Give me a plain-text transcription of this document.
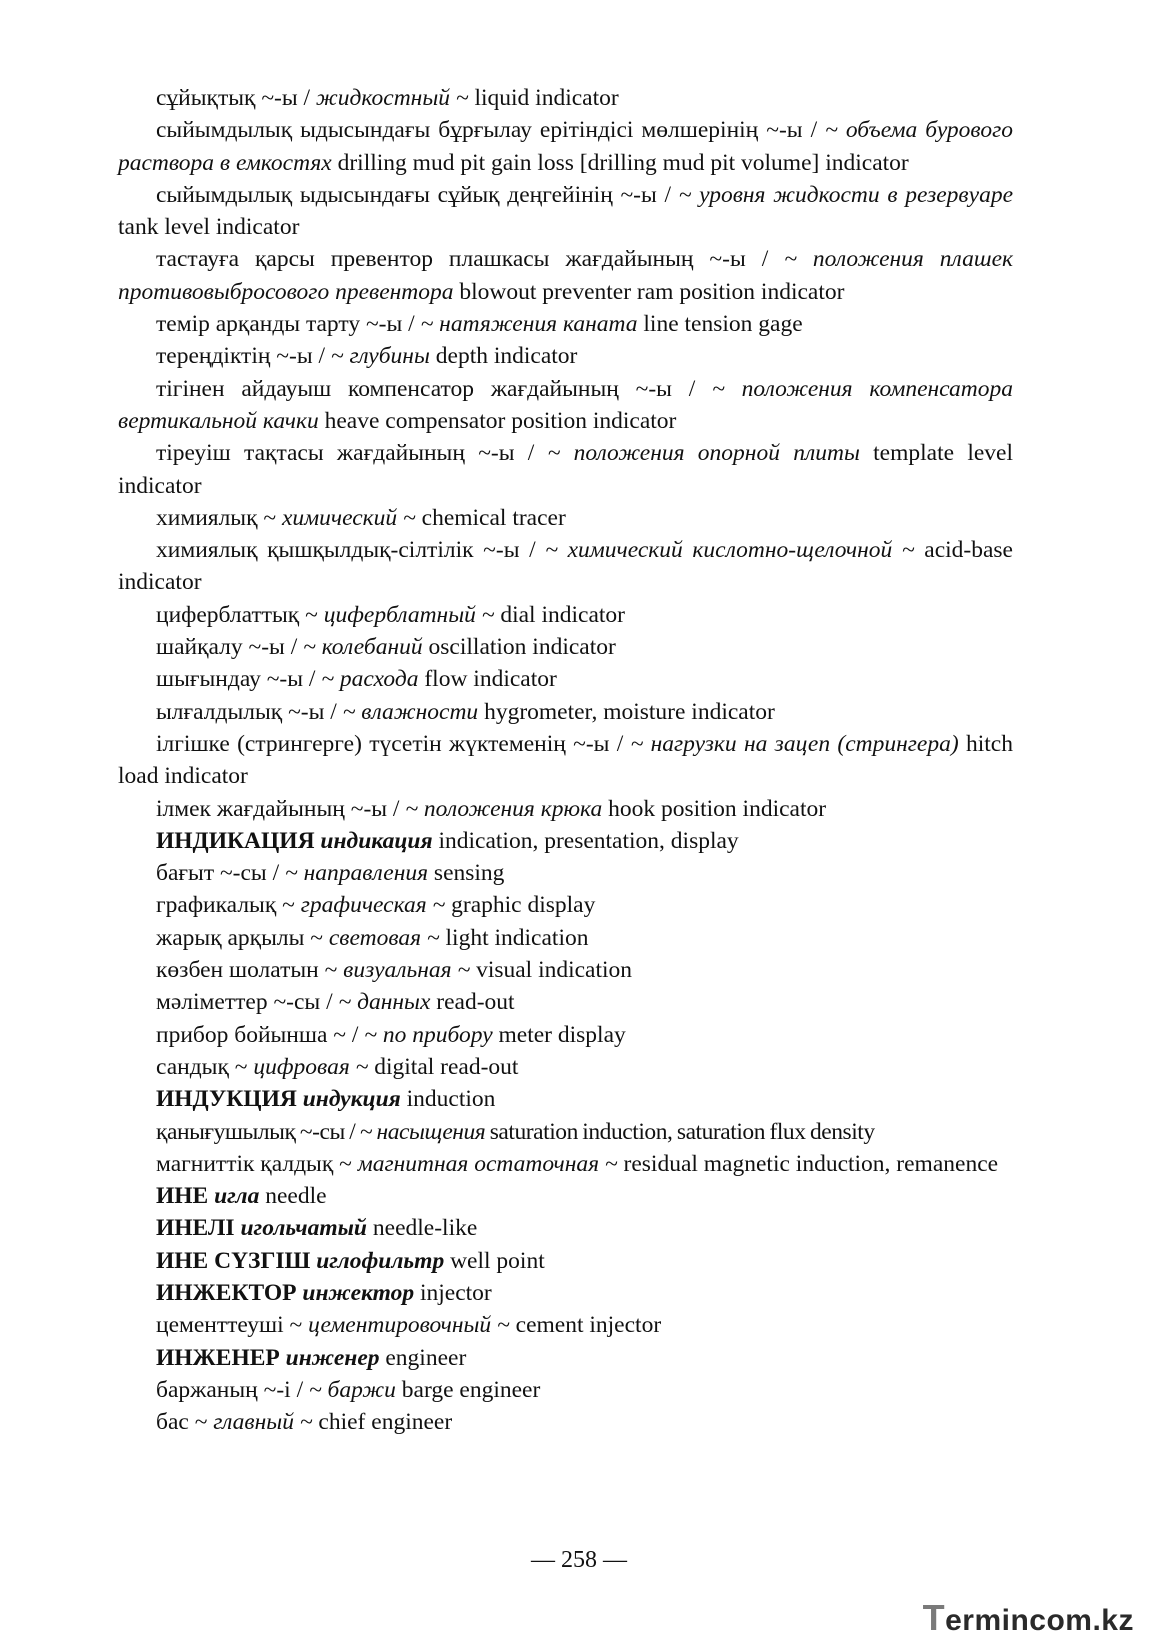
сұйықтық ~-ы / жидкостный ~ liquid indicator

сыйымдылық ыдысындағы бұрғылау ерітіндісі мөлшерінің ~-ы / ~ объема бурового раствора в емкостях drilling mud pit gain loss [drilling mud pit volume] indicator

сыйымдылық ыдысындағы сұйық деңгейінің ~-ы / ~ уровня жидкости в резервуаре tank level indicator

тастауға қарсы превентор плашкасы жағдайының ~-ы / ~ положения плашек противовыбросового превентора blowout preventer ram position indicator

темір арқанды тарту ~-ы / ~ натяжения каната line tension gage

тереңдіктің ~-ы / ~ глубины depth indicator

тігінен айдауыш компенсатор жағдайының ~-ы / ~ положения компенсатора вертикальной качки heave compensator position indicator

тіреуіш тақтасы жағдайының ~-ы / ~ положения опорной плиты template level indicator

химиялық ~ химический ~ chemical tracer

химиялық қышқылдық-сілтілік ~-ы / ~ химический кислотно-щелочной ~ acid-base indicator

циферблаттық ~ циферблатный ~ dial indicator

шайқалу ~-ы / ~ колебаний oscillation indicator

шығындау ~-ы / ~ расхода flow indicator

ылғалдылық ~-ы / ~ влажности hygrometer, moisture indicator

ілгішке (стрингерге) түсетін жүктеменің ~-ы / ~ нагрузки на зацеп (стрингера) hitch load indicator

ілмек жағдайының ~-ы / ~ положения крюка hook position indicator

ИНДИКАЦИЯ индикация indication, presentation, display

бағыт ~-сы / ~ направления sensing

графикалық ~ графическая ~ graphic display

жарық арқылы ~ световая ~ light indication

көзбен шолатын ~ визуальная ~ visual indication

мәліметтер ~-сы / ~ данных read-out

прибор бойынша ~ / ~ по прибору meter display

сандық ~ цифровая ~ digital read-out

ИНДУКЦИЯ индукция induction

қанығушылық ~-сы / ~ насыщения saturation induction, saturation flux density

магниттік қалдық ~ магнитная остаточная ~ residual magnetic induction, remanence

ИНЕ игла needle

ИНЕЛІ игольчатый needle-like

ИНЕ СҮЗГІШ иглофильтр well point

ИНЖЕКТОР инжектор injector

цементтеуші ~ цементировочный ~ cement injector

ИНЖЕНЕР инженер engineer

баржаның ~-і / ~ баржи barge engineer

бас ~ главный ~ chief engineer

— 258 —
Termincom.kz
